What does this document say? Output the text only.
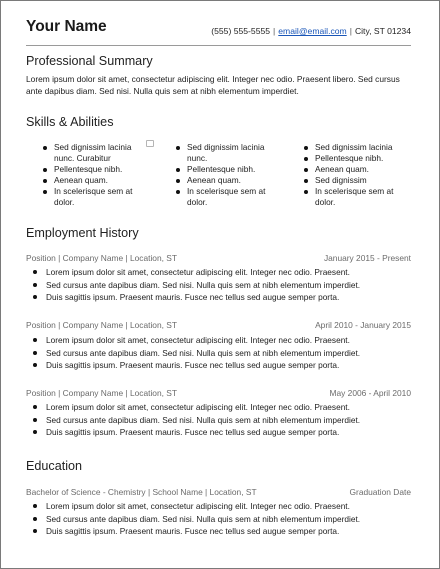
Your Name	(555) 555-5555 | email@email.com | City, ST 01234
Professional Summary
Lorem ipsum dolor sit amet, consectetur adipiscing elit. Integer nec odio. Praesent libero. Sed cursus ante dapibus diam. Sed nisi. Nulla quis sem at nibh elementum imperdiet.
Skills & Abilities
Sed dignissim lacinia nunc. Curabitur
Pellentesque nibh.
Aenean quam.
In scelerisque sem at dolor.
Sed dignissim lacinia nunc.
Pellentesque nibh.
Aenean quam.
In scelerisque sem at dolor.
Sed dignissim lacinia
Pellentesque nibh.
Aenean quam.
Sed dignissim
In scelerisque sem at dolor.
Employment History
Position | Company Name | Location, ST	January 2015 - Present
Lorem ipsum dolor sit amet, consectetur adipiscing elit. Integer nec odio. Praesent.
Sed cursus ante dapibus diam. Sed nisi. Nulla quis sem at nibh elementum imperdiet.
Duis sagittis ipsum. Praesent mauris. Fusce nec tellus sed augue semper porta.
Position | Company Name | Location, ST	April 2010 - January 2015
Lorem ipsum dolor sit amet, consectetur adipiscing elit. Integer nec odio. Praesent.
Sed cursus ante dapibus diam. Sed nisi. Nulla quis sem at nibh elementum imperdiet.
Duis sagittis ipsum. Praesent mauris. Fusce nec tellus sed augue semper porta.
Position | Company Name | Location, ST	May 2006 - April 2010
Lorem ipsum dolor sit amet, consectetur adipiscing elit. Integer nec odio. Praesent.
Sed cursus ante dapibus diam. Sed nisi. Nulla quis sem at nibh elementum imperdiet.
Duis sagittis ipsum. Praesent mauris. Fusce nec tellus sed augue semper porta.
Education
Bachelor of Science - Chemistry | School Name | Location, ST	Graduation Date
Lorem ipsum dolor sit amet, consectetur adipiscing elit. Integer nec odio. Praesent.
Sed cursus ante dapibus diam. Sed nisi. Nulla quis sem at nibh elementum imperdiet.
Duis sagittis ipsum. Praesent mauris. Fusce nec tellus sed augue semper porta.
